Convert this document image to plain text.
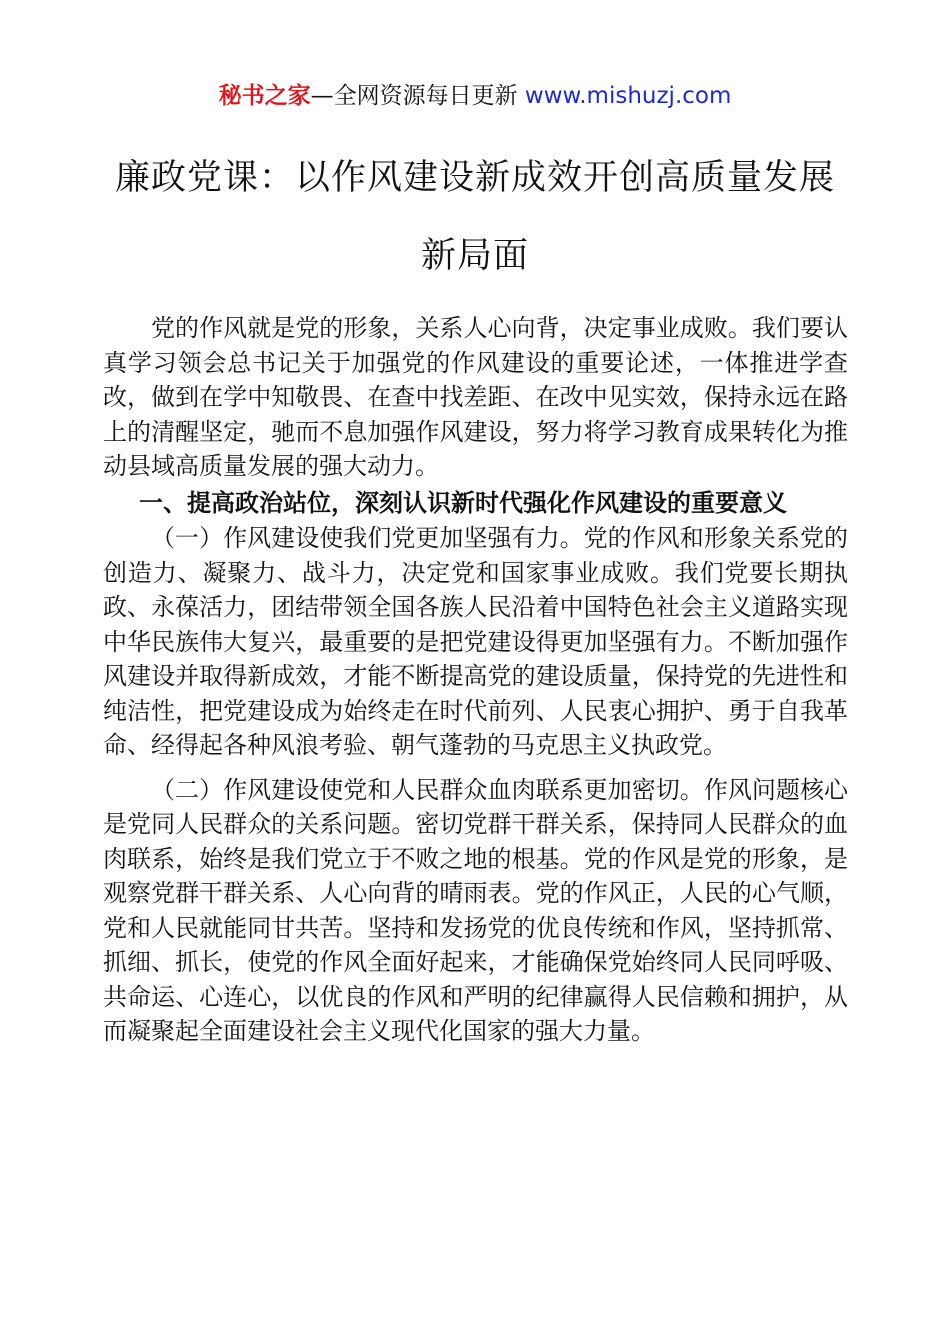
秘书之家—全网资源每日更新 www.mishuzj.com
廉政党课：以作风建设新成效开创高质量发展新局面

党的作风就是党的形象，关系人心向背，决定事业成败。我们要认真学习领会总书记关于加强党的作风建设的重要论述，一体推进学查改，做到在学中知敬畏、在查中找差距、在改中见实效，保持永远在路上的清醒坚定，驰而不息加强作风建设，努力将学习教育成果转化为推动县域高质量发展的强大动力。

一、提高政治站位，深刻认识新时代强化作风建设的重要意义

（一）作风建设使我们党更加坚强有力。党的作风和形象关系党的创造力、凝聚力、战斗力，决定党和国家事业成败。我们党要长期执政、永葆活力，团结带领全国各族人民沿着中国特色社会主义道路实现中华民族伟大复兴，最重要的是把党建设得更加坚强有力。不断加强作风建设并取得新成效，才能不断提高党的建设质量，保持党的先进性和纯洁性，把党建设成为始终走在时代前列、人民衷心拥护、勇于自我革命、经得起各种风浪考验、朝气蓬勃的马克思主义执政党。

（二）作风建设使党和人民群众血肉联系更加密切。作风问题核心是党同人民群众的关系问题。密切党群干群关系，保持同人民群众的血肉联系，始终是我们党立于不败之地的根基。党的作风是党的形象，是观察党群干群关系、人心向背的晴雨表。党的作风正，人民的心气顺，党和人民就能同甘共苦。坚持和发扬党的优良传统和作风，坚持抓常、抓细、抓长，使党的作风全面好起来，才能确保党始终同人民同呼吸、共命运、心连心，以优良的作风和严明的纪律赢得人民信赖和拥护，从而凝聚起全面建设社会主义现代化国家的强大力量。
